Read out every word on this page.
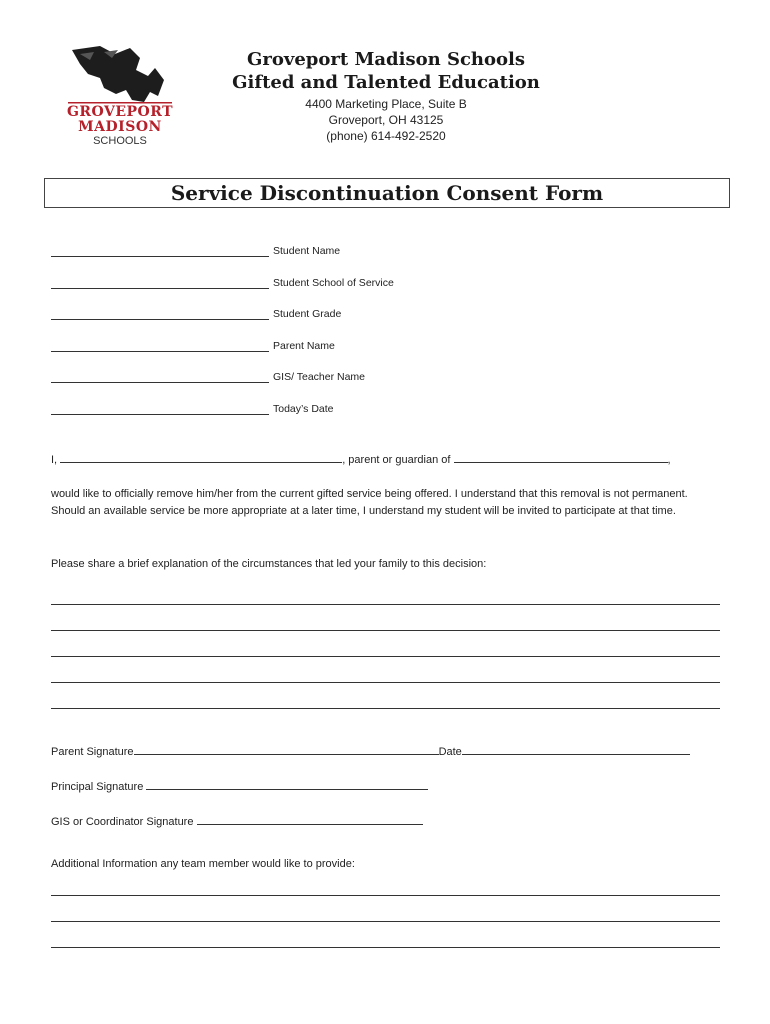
GROVEPORT
MADISON
SCHOOLS
Groveport Madison Schools
Gifted and Talented Education
4400 Marketing Place, Suite B
Groveport, OH 43125
(phone) 614-492-2520
Service Discontinuation Consent Form
Student Name
Student School of Service
Student Grade
Parent Name
GIS/ Teacher Name
Today’s Date
I,	, parent or guardian of	,
would like to officially remove him/her from the current gifted service being offered. I understand that this removal is not permanent. Should an available service be more appropriate at a later time, I understand my student will be invited to participate at that time.
Please share a brief explanation of the circumstances that led your family to this decision:
Parent Signature	Date
Principal Signature
GIS or Coordinator Signature
Additional Information any team member would like to provide:
